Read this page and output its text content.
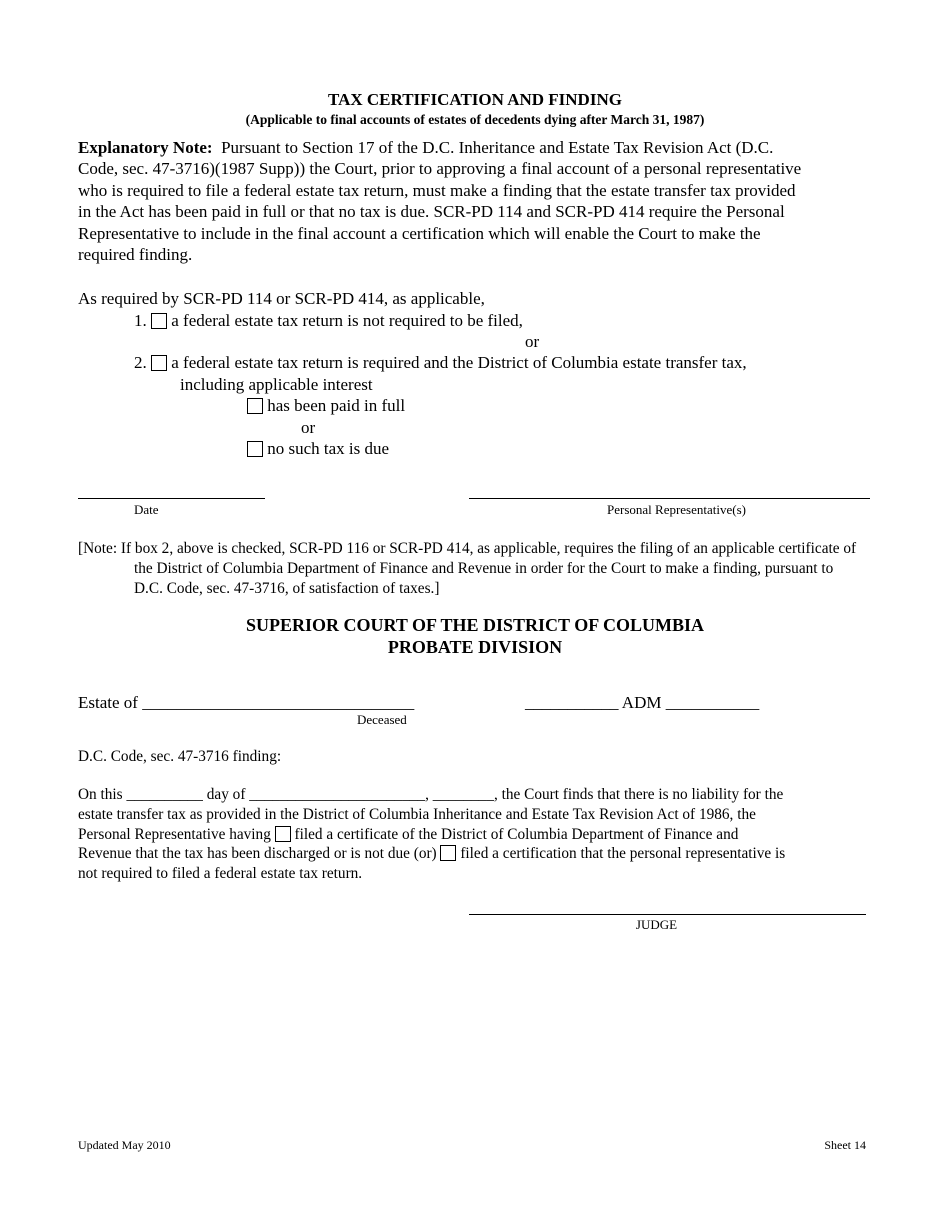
TAX CERTIFICATION AND FINDING
(Applicable to final accounts of estates of decedents dying after March 31, 1987)
Explanatory Note: Pursuant to Section 17 of the D.C. Inheritance and Estate Tax Revision Act (D.C.
Code, sec. 47-3716)(1987 Supp)) the Court, prior to approving a final account of a personal representative
who is required to file a federal estate tax return, must make a finding that the estate transfer tax provided
in the Act has been paid in full or that no tax is due. SCR-PD 114 and SCR-PD 414 require the Personal
Representative to include in the final account a certification which will enable the Court to make the
required finding.
As required by SCR-PD 114 or SCR-PD 414, as applicable,
1. a federal estate tax return is not required to be filed,
or
2. a federal estate tax return is required and the District of Columbia estate transfer tax,
including applicable interest
has been paid in full
or
no such tax is due
Date	Personal Representative(s)
[Note: If box 2, above is checked, SCR-PD 116 or SCR-PD 414, as applicable, requires the filing of an applicable certificate of
the District of Columbia Department of Finance and Revenue in order for the Court to make a finding, pursuant to
D.C. Code, sec. 47-3716, of satisfaction of taxes.]
SUPERIOR COURT OF THE DISTRICT OF COLUMBIA
PROBATE DIVISION
Estate of ________________________________
Deceased
___________ ADM ___________
D.C. Code, sec. 47-3716 finding:
On this __________ day of _______________________, ________, the Court finds that there is no liability for the
estate transfer tax as provided in the District of Columbia Inheritance and Estate Tax Revision Act of 1986, the
Personal Representative having filed a certificate of the District of Columbia Department of Finance and
Revenue that the tax has been discharged or is not due (or) filed a certification that the personal representative is
not required to filed a federal estate tax return.
JUDGE
Updated May 2010	Sheet 14
